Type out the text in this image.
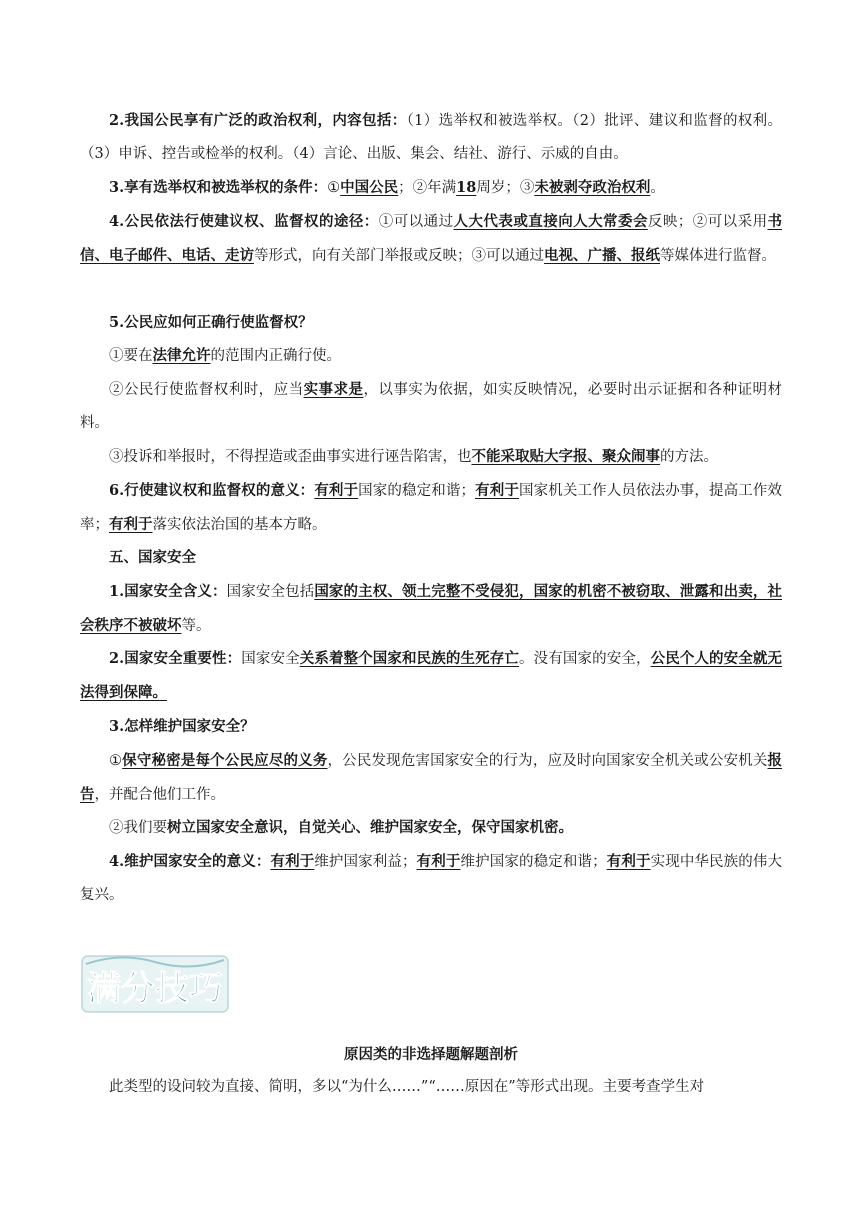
2.我国公民享有广泛的政治权利，内容包括：（1）选举权和被选举权。（2）批评、建议和监督的权利。（3）申诉、控告或检举的权利。（4）言论、出版、集会、结社、游行、示威的自由。

3.享有选举权和被选举权的条件：①中国公民；②年满18周岁；③未被剥夺政治权利。

4.公民依法行使建议权、监督权的途径：①可以通过人大代表或直接向人大常委会反映；②可以采用书信、电子邮件、电话、走访等形式，向有关部门举报或反映；③可以通过电视、广播、报纸等媒体进行监督。

5.公民应如何正确行使监督权？

①要在法律允许的范围内正确行使。

②公民行使监督权利时，应当实事求是，以事实为依据，如实反映情况，必要时出示证据和各种证明材料。

③投诉和举报时，不得捏造或歪曲事实进行诬告陷害，也不能采取贴大字报、聚众闹事的方法。

6.行使建议权和监督权的意义：有利于国家的稳定和谐；有利于国家机关工作人员依法办事，提高工作效率；有利于落实依法治国的基本方略。

五、国家安全

1.国家安全含义：国家安全包括国家的主权、领土完整不受侵犯，国家的机密不被窃取、泄露和出卖，社会秩序不被破坏等。

2.国家安全重要性：国家安全关系着整个国家和民族的生死存亡。没有国家的安全，公民个人的安全就无法得到保障。

3.怎样维护国家安全？

①保守秘密是每个公民应尽的义务，公民发现危害国家安全的行为，应及时向国家安全机关或公安机关报告，并配合他们工作。

②我们要树立国家安全意识，自觉关心、维护国家安全，保守国家机密。

4.维护国家安全的意义：有利于维护国家利益；有利于维护国家的稳定和谐；有利于实现中华民族的伟大复兴。

满分技巧
原因类的非选择题解题剖析

此类型的设问较为直接、简明，多以“为什么……”“……原因在”等形式出现。主要考查学生对
